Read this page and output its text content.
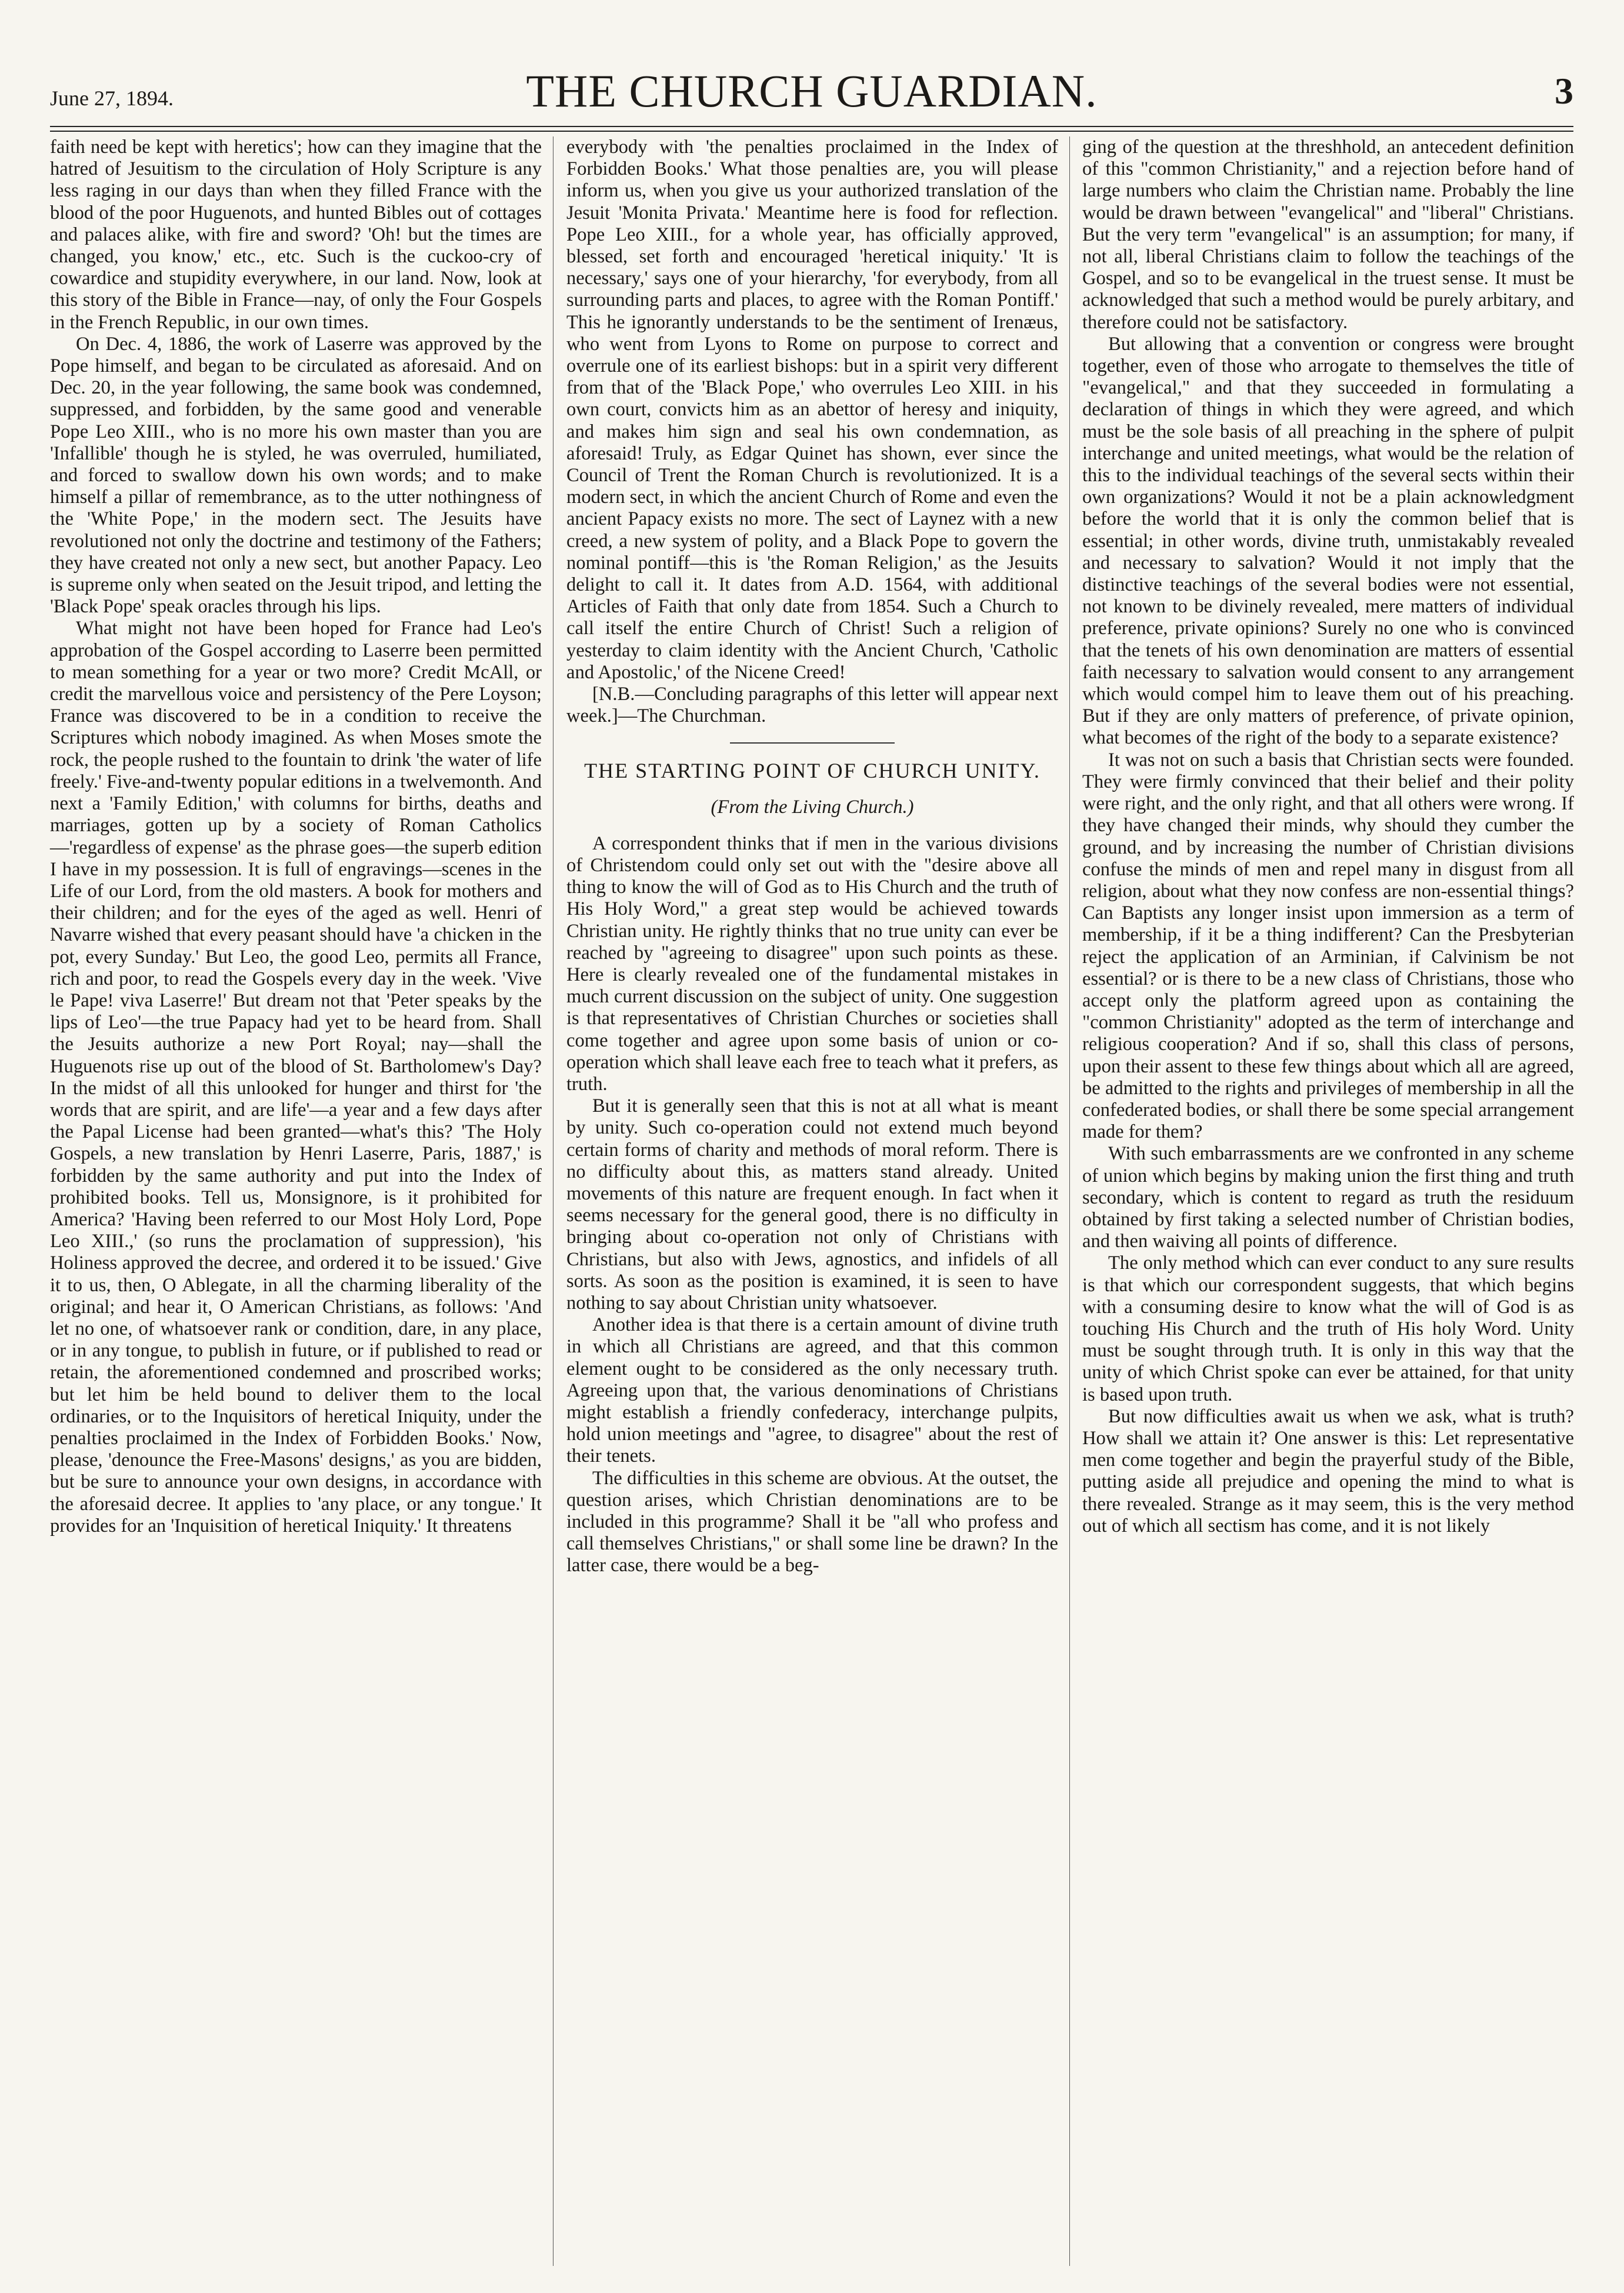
June 27, 1894.	THE CHURCH GUARDIAN.	3

faith need be kept with heretics'; how can they imagine that the hatred of Jesuitism to the circulation of Holy Scripture is any less raging in our days than when they filled France with the blood of the poor Huguenots, and hunted Bibles out of cottages and palaces alike, with fire and sword? 'Oh! but the times are changed, you know,' etc., etc. Such is the cuckoo-cry of cowardice and stupidity everywhere, in our land. Now, look at this story of the Bible in France—nay, of only the Four Gospels in the French Republic, in our own times.

On Dec. 4, 1886, the work of Laserre was approved by the Pope himself, and began to be circulated as aforesaid. And on Dec. 20, in the year following, the same book was condemned, suppressed, and forbidden, by the same good and venerable Pope Leo XIII., who is no more his own master than you are 'Infallible' though he is styled, he was overruled, humiliated, and forced to swallow down his own words; and to make himself a pillar of remembrance, as to the utter nothingness of the 'White Pope,' in the modern sect. The Jesuits have revolutioned not only the doctrine and testimony of the Fathers; they have created not only a new sect, but another Papacy. Leo is supreme only when seated on the Jesuit tripod, and letting the 'Black Pope' speak oracles through his lips.

What might not have been hoped for France had Leo's approbation of the Gospel according to Laserre been permitted to mean something for a year or two more? Credit McAll, or credit the marvellous voice and persistency of the Pere Loyson; France was discovered to be in a condition to receive the Scriptures which nobody imagined. As when Moses smote the rock, the people rushed to the fountain to drink 'the water of life freely.' Five-and-twenty popular editions in a twelvemonth. And next a 'Family Edition,' with columns for births, deaths and marriages, gotten up by a society of Roman Catholics—'regardless of expense' as the phrase goes—the superb edition I have in my possession. It is full of engravings—scenes in the Life of our Lord, from the old masters. A book for mothers and their children; and for the eyes of the aged as well. Henri of Navarre wished that every peasant should have 'a chicken in the pot, every Sunday.' But Leo, the good Leo, permits all France, rich and poor, to read the Gospels every day in the week. 'Vive le Pape! viva Laserre!' But dream not that 'Peter speaks by the lips of Leo'—the true Papacy had yet to be heard from. Shall the Jesuits authorize a new Port Royal; nay—shall the Huguenots rise up out of the blood of St. Bartholomew's Day? In the midst of all this unlooked for hunger and thirst for 'the words that are spirit, and are life'—a year and a few days after the Papal License had been granted—what's this? 'The Holy Gospels, a new translation by Henri Laserre, Paris, 1887,' is forbidden by the same authority and put into the Index of prohibited books. Tell us, Monsignore, is it prohibited for America? 'Having been referred to our Most Holy Lord, Pope Leo XIII.,' (so runs the proclamation of suppression), 'his Holiness approved the decree, and ordered it to be issued.' Give it to us, then, O Ablegate, in all the charming liberality of the original; and hear it, O American Christians, as follows: 'And let no one, of whatsoever rank or condition, dare, in any place, or in any tongue, to publish in future, or if published to read or retain, the aforementioned condemned and proscribed works; but let him be held bound to deliver them to the local ordinaries, or to the Inquisitors of heretical Iniquity, under the penalties proclaimed in the Index of Forbidden Books.' Now, please, 'denounce the Free-Masons' designs,' as you are bidden, but be sure to announce your own designs, in accordance with the aforesaid decree. It applies to 'any place, or any tongue.' It provides for an 'Inquisition of heretical Iniquity.' It threatens

everybody with 'the penalties proclaimed in the Index of Forbidden Books.' What those penalties are, you will please inform us, when you give us your authorized translation of the Jesuit 'Monita Privata.' Meantime here is food for reflection. Pope Leo XIII., for a whole year, has officially approved, blessed, set forth and encouraged 'heretical iniquity.' 'It is necessary,' says one of your hierarchy, 'for everybody, from all surrounding parts and places, to agree with the Roman Pontiff.' This he ignorantly understands to be the sentiment of Irenæus, who went from Lyons to Rome on purpose to correct and overrule one of its earliest bishops: but in a spirit very different from that of the 'Black Pope,' who overrules Leo XIII. in his own court, convicts him as an abettor of heresy and iniquity, and makes him sign and seal his own condemnation, as aforesaid! Truly, as Edgar Quinet has shown, ever since the Council of Trent the Roman Church is revolutionized. It is a modern sect, in which the ancient Church of Rome and even the ancient Papacy exists no more. The sect of Laynez with a new creed, a new system of polity, and a Black Pope to govern the nominal pontiff—this is 'the Roman Religion,' as the Jesuits delight to call it. It dates from A.D. 1564, with additional Articles of Faith that only date from 1854. Such a Church to call itself the entire Church of Christ! Such a religion of yesterday to claim identity with the Ancient Church, 'Catholic and Apostolic,' of the Nicene Creed!

[N.B.—Concluding paragraphs of this letter will appear next week.]—The Churchman.

THE STARTING POINT OF CHURCH UNITY.
(From the Living Church.)

A correspondent thinks that if men in the various divisions of Christendom could only set out with the "desire above all thing to know the will of God as to His Church and the truth of His Holy Word," a great step would be achieved towards Christian unity. He rightly thinks that no true unity can ever be reached by "agreeing to disagree" upon such points as these. Here is clearly revealed one of the fundamental mistakes in much current discussion on the subject of unity. One suggestion is that representatives of Christian Churches or societies shall come together and agree upon some basis of union or co-operation which shall leave each free to teach what it prefers, as truth.

But it is generally seen that this is not at all what is meant by unity. Such co-operation could not extend much beyond certain forms of charity and methods of moral reform. There is no difficulty about this, as matters stand already. United movements of this nature are frequent enough. In fact when it seems necessary for the general good, there is no difficulty in bringing about co-operation not only of Christians with Christians, but also with Jews, agnostics, and infidels of all sorts. As soon as the position is examined, it is seen to have nothing to say about Christian unity whatsoever.

Another idea is that there is a certain amount of divine truth in which all Christians are agreed, and that this common element ought to be considered as the only necessary truth. Agreeing upon that, the various denominations of Christians might establish a friendly confederacy, interchange pulpits, hold union meetings and "agree, to disagree" about the rest of their tenets.

The difficulties in this scheme are obvious. At the outset, the question arises, which Christian denominations are to be included in this programme? Shall it be "all who profess and call themselves Christians," or shall some line be drawn? In the latter case, there would be a beg-

ging of the question at the threshhold, an antecedent definition of this "common Christianity," and a rejection before hand of large numbers who claim the Christian name. Probably the line would be drawn between "evangelical" and "liberal" Christians. But the very term "evangelical" is an assumption; for many, if not all, liberal Christians claim to follow the teachings of the Gospel, and so to be evangelical in the truest sense. It must be acknowledged that such a method would be purely arbitary, and therefore could not be satisfactory.

But allowing that a convention or congress were brought together, even of those who arrogate to themselves the title of "evangelical," and that they succeeded in formulating a declaration of things in which they were agreed, and which must be the sole basis of all preaching in the sphere of pulpit interchange and united meetings, what would be the relation of this to the individual teachings of the several sects within their own organizations? Would it not be a plain acknowledgment before the world that it is only the common belief that is essential; in other words, divine truth, unmistakably revealed and necessary to salvation? Would it not imply that the distinctive teachings of the several bodies were not essential, not known to be divinely revealed, mere matters of individual preference, private opinions? Surely no one who is convinced that the tenets of his own denomination are matters of essential faith necessary to salvation would consent to any arrangement which would compel him to leave them out of his preaching. But if they are only matters of preference, of private opinion, what becomes of the right of the body to a separate existence?

It was not on such a basis that Christian sects were founded. They were firmly convinced that their belief and their polity were right, and the only right, and that all others were wrong. If they have changed their minds, why should they cumber the ground, and by increasing the number of Christian divisions confuse the minds of men and repel many in disgust from all religion, about what they now confess are non-essential things? Can Baptists any longer insist upon immersion as a term of membership, if it be a thing indifferent? Can the Presbyterian reject the application of an Arminian, if Calvinism be not essential? or is there to be a new class of Christians, those who accept only the platform agreed upon as containing the "common Christianity" adopted as the term of interchange and religious cooperation? And if so, shall this class of persons, upon their assent to these few things about which all are agreed, be admitted to the rights and privileges of membership in all the confederated bodies, or shall there be some special arrangement made for them?

With such embarrassments are we confronted in any scheme of union which begins by making union the first thing and truth secondary, which is content to regard as truth the residuum obtained by first taking a selected number of Christian bodies, and then waiving all points of difference.

The only method which can ever conduct to any sure results is that which our correspondent suggests, that which begins with a consuming desire to know what the will of God is as touching His Church and the truth of His holy Word. Unity must be sought through truth. It is only in this way that the unity of which Christ spoke can ever be attained, for that unity is based upon truth.

But now difficulties await us when we ask, what is truth? How shall we attain it? One answer is this: Let representative men come together and begin the prayerful study of the Bible, putting aside all prejudice and opening the mind to what is there revealed. Strange as it may seem, this is the very method out of which all sectism has come, and it is not likely
